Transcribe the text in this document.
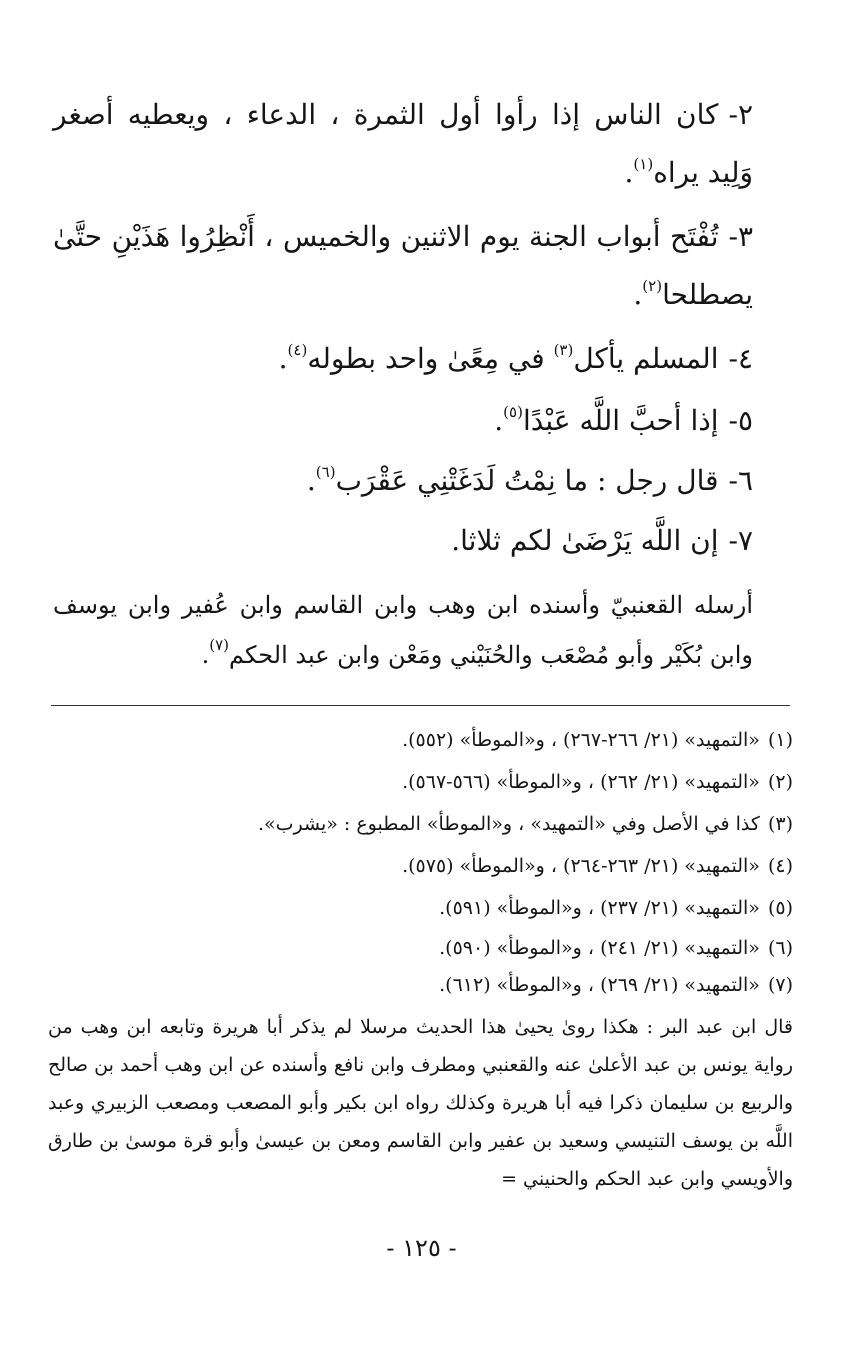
٢-كان الناس إذا رأوا أول الثمرة ، الدعاء ، ويعطيه أصغر وَلِيد يراه$^{(١)}$.
٣-تُفْتَح أبواب الجنة يوم الاثنين والخميس ، أَنْظِرُوا هَذَيْنِ حتَّىٰ يصطلحا$^{(٢)}$.
٤-المسلم يأكل$^{(٣)}$ في مِعًىٰ واحد بطوله$^{(٤)}$.
٥-إذا أحبَّ اللَّه عَبْدًا$^{(٥)}$.
٦-قال رجل : ما نِمْتُ لَدَغَتْنِي عَقْرَب$^{(٦)}$.
٧-إن اللَّه يَرْضَىٰ لكم ثلاثا.
أرسله القعنبيّ وأسنده ابن وهب وابن القاسم وابن عُفير وابن يوسف وابن بُكَيْر وأبو مُصْعَب والحُنَيْني ومَعْن وابن عبد الحكم$^{(٧)}$.
(١)«التمهيد» (٢١/ ٢٦٦-٢٦٧) ، و«الموطأ» (٥٥٢).
(٢)«التمهيد» (٢١/ ٢٦٢) ، و«الموطأ» (٥٦٦-٥٦٧).
(٣)كذا في الأصل وفي «التمهيد» ، و«الموطأ» المطبوع : «يشرب».
(٤)«التمهيد» (٢١/ ٢٦٣-٢٦٤) ، و«الموطأ» (٥٧٥).
(٥)«التمهيد» (٢١/ ٢٣٧) ، و«الموطأ» (٥٩١).
(٦)«التمهيد» (٢١/ ٢٤١) ، و«الموطأ» (٥٩٠).
(٧)«التمهيد» (٢١/ ٢٦٩) ، و«الموطأ» (٦١٢).
قال ابن عبد البر : هكذا روىٰ يحيىٰ هذا الحديث مرسلا لم يذكر أبا هريرة وتابعه ابن وهب من رواية يونس بن عبد الأعلىٰ عنه والقعنبي ومطرف وابن نافع وأسنده عن ابن وهب أحمد بن صالح والربيع بن سليمان ذكرا فيه أبا هريرة وكذلك رواه ابن بكير وأبو المصعب ومصعب الزبيري وعبد اللَّه بن يوسف التنيسي وسعيد بن عفير وابن القاسم ومعن بن عيسىٰ وأبو قرة موسىٰ بن طارق والأويسي وابن عبد الحكم والحنيني =
- ١٢٥ -
